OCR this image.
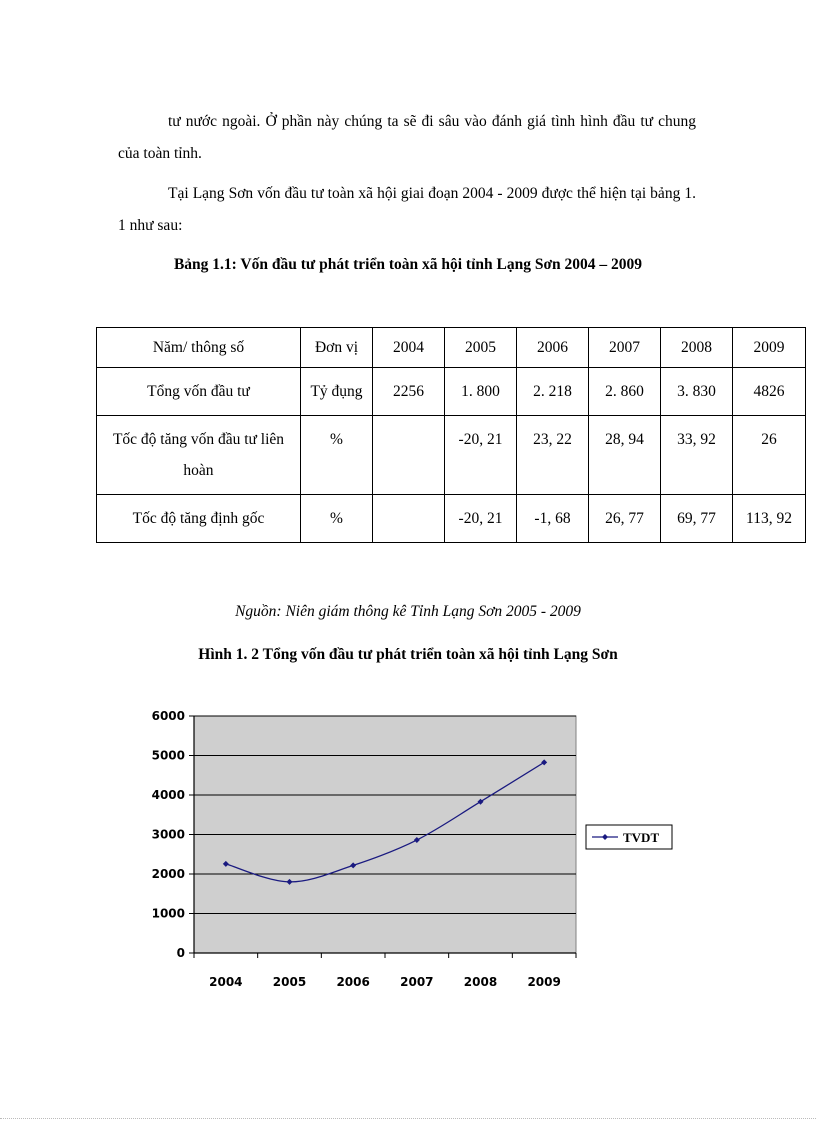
tư nước ngoài. Ở phần này chúng ta sẽ đi sâu vào đánh giá tình hình đầu tư chung của toàn tỉnh.

Tại Lạng Sơn vốn đầu tư toàn xã hội giai đoạn 2004 - 2009 được thể hiện tại bảng 1. 1 như sau:

Bảng 1.1: Vốn đầu tư phát triển toàn xã hội tỉnh Lạng Sơn 2004 – 2009

Năm/ thông số	Đơn vị	2004	2005	2006	2007	2008	2009
Tổng vốn đầu tư	Tỷ đụng	2256	1. 800	2. 218	2. 860	3. 830	4826
Tốc độ tăng vốn đầu tư liên hoàn	%		-20, 21	23, 22	28, 94	33, 92	26
Tốc độ tăng định gốc	%		-20, 21	-1, 68	26, 77	69, 77	113, 92

Nguồn: Niên giám thông kê Tỉnh Lạng Sơn 2005 - 2009

Hình 1. 2 Tổng vốn đầu tư phát triển toàn xã hội tỉnh Lạng Sơn

0
1000
2000
3000
4000
5000
6000
2004	2005	2006	2007	2008	2009
TVDT
